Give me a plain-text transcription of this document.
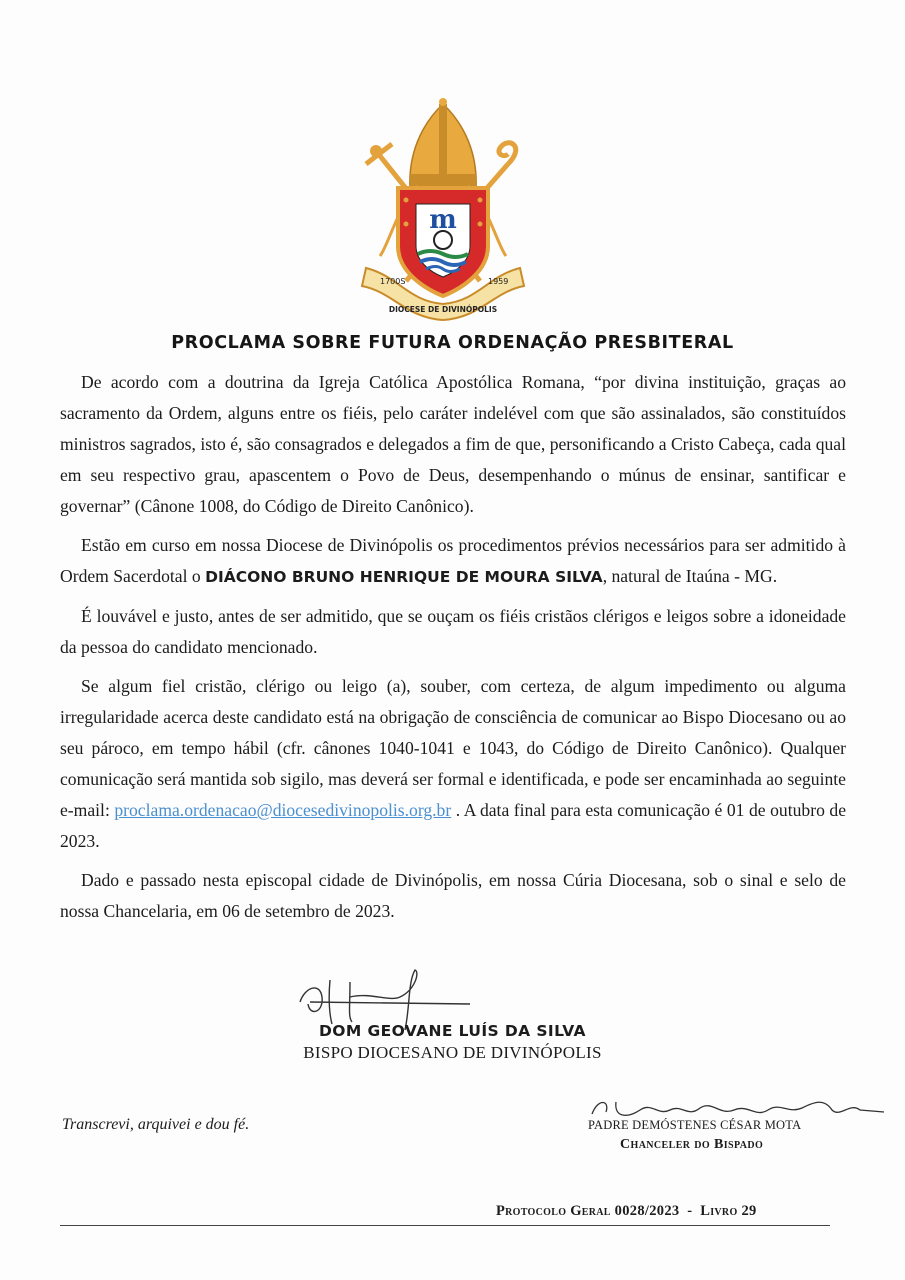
m
1700S	1959
DIOCESE DE DIVINÓPOLIS
PROCLAMA SOBRE FUTURA ORDENAÇÃO PRESBITERAL

De acordo com a doutrina da Igreja Católica Apostólica Romana, “por divina instituição, graças ao sacramento da Ordem, alguns entre os fiéis, pelo caráter indelével com que são assinalados, são constituídos ministros sagrados, isto é, são consagrados e delegados a fim de que, personificando a Cristo Cabeça, cada qual em seu respectivo grau, apascentem o Povo de Deus, desempenhando o múnus de ensinar, santificar e governar” (Cânone 1008, do Código de Direito Canônico).

Estão em curso em nossa Diocese de Divinópolis os procedimentos prévios necessários para ser admitido à Ordem Sacerdotal o DIÁCONO BRUNO HENRIQUE DE MOURA SILVA, natural de Itaúna - MG.

É louvável e justo, antes de ser admitido, que se ouçam os fiéis cristãos clérigos e leigos sobre a idoneidade da pessoa do candidato mencionado.

Se algum fiel cristão, clérigo ou leigo (a), souber, com certeza, de algum impedimento ou alguma irregularidade acerca deste candidato está na obrigação de consciência de comunicar ao Bispo Diocesano ou ao seu pároco, em tempo hábil (cfr. cânones 1040-1041 e 1043, do Código de Direito Canônico). Qualquer comunicação será mantida sob sigilo, mas deverá ser formal e identificada, e pode ser encaminhada ao seguinte e-mail: proclama.ordenacao@diocesedivinopolis.org.br . A data final para esta comunicação é 01 de outubro de 2023.

Dado e passado nesta episcopal cidade de Divinópolis, em nossa Cúria Diocesana, sob o sinal e selo de nossa Chancelaria, em 06 de setembro de 2023.

DOM GEOVANE LUÍS DA SILVA
BISPO DIOCESANO DE DIVINÓPOLIS
Transcrevi, arquivei e dou fé.	PADRE DEMÓSTENES CÉSAR MOTA
Chanceler do Bispado
Protocolo Geral 0028/2023  -  Livro 29
